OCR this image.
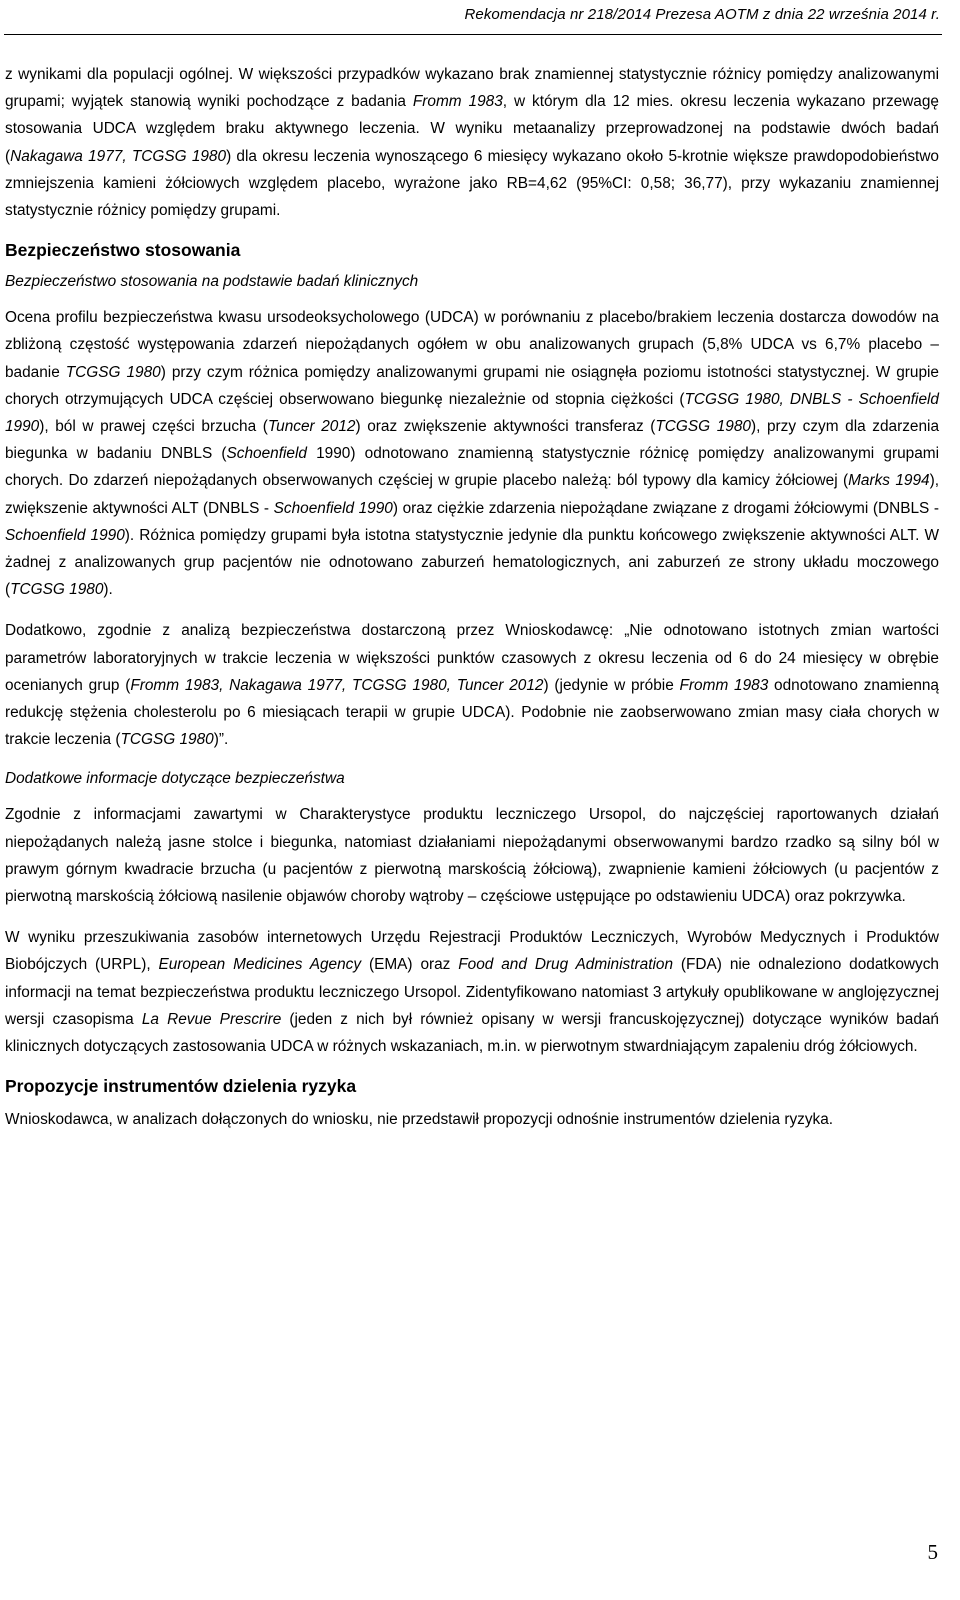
Rekomendacja nr 218/2014 Prezesa AOTM z dnia 22 września 2014 r.

z wynikami dla populacji ogólnej. W większości przypadków wykazano brak znamiennej statystycznie różnicy pomiędzy analizowanymi grupami; wyjątek stanowią wyniki pochodzące z badania Fromm 1983, w którym dla 12 mies. okresu leczenia wykazano przewagę stosowania UDCA względem braku aktywnego leczenia. W wyniku metaanalizy przeprowadzonej na podstawie dwóch badań (Nakagawa 1977, TCGSG 1980) dla okresu leczenia wynoszącego 6 miesięcy wykazano około 5-krotnie większe prawdopodobieństwo zmniejszenia kamieni żółciowych względem placebo, wyrażone jako RB=4,62 (95%CI: 0,58; 36,77), przy wykazaniu znamiennej statystycznie różnicy pomiędzy grupami.

Bezpieczeństwo stosowania
Bezpieczeństwo stosowania na podstawie badań klinicznych

Ocena profilu bezpieczeństwa kwasu ursodeoksycholowego (UDCA) w porównaniu z placebo/brakiem leczenia dostarcza dowodów na zbliżoną częstość występowania zdarzeń niepożądanych ogółem w obu analizowanych grupach (5,8% UDCA vs 6,7% placebo – badanie TCGSG 1980) przy czym różnica pomiędzy analizowanymi grupami nie osiągnęła poziomu istotności statystycznej. W grupie chorych otrzymujących UDCA częściej obserwowano biegunkę niezależnie od stopnia ciężkości (TCGSG 1980, DNBLS - Schoenfield 1990), ból w prawej części brzucha (Tuncer 2012) oraz zwiększenie aktywności transferaz (TCGSG 1980), przy czym dla zdarzenia biegunka w badaniu DNBLS (Schoenfield 1990) odnotowano znamienną statystycznie różnicę pomiędzy analizowanymi grupami chorych. Do zdarzeń niepożądanych obserwowanych częściej w grupie placebo należą: ból typowy dla kamicy żółciowej (Marks 1994), zwiększenie aktywności ALT (DNBLS - Schoenfield 1990) oraz ciężkie zdarzenia niepożądane związane z drogami żółciowymi (DNBLS - Schoenfield 1990). Różnica pomiędzy grupami była istotna statystycznie jedynie dla punktu końcowego zwiększenie aktywności ALT. W żadnej z analizowanych grup pacjentów nie odnotowano zaburzeń hematologicznych, ani zaburzeń ze strony układu moczowego (TCGSG 1980).

Dodatkowo, zgodnie z analizą bezpieczeństwa dostarczoną przez Wnioskodawcę: „Nie odnotowano istotnych zmian wartości parametrów laboratoryjnych w trakcie leczenia w większości punktów czasowych z okresu leczenia od 6 do 24 miesięcy w obrębie ocenianych grup (Fromm 1983, Nakagawa 1977, TCGSG 1980, Tuncer 2012) (jedynie w próbie Fromm 1983 odnotowano znamienną redukcję stężenia cholesterolu po 6 miesiącach terapii w grupie UDCA). Podobnie nie zaobserwowano zmian masy ciała chorych w trakcie leczenia (TCGSG 1980)”.

Dodatkowe informacje dotyczące bezpieczeństwa

Zgodnie z informacjami zawartymi w Charakterystyce produktu leczniczego Ursopol, do najczęściej raportowanych działań niepożądanych należą jasne stolce i biegunka, natomiast działaniami niepożądanymi obserwowanymi bardzo rzadko są silny ból w prawym górnym kwadracie brzucha (u pacjentów z pierwotną marskością żółciową), zwapnienie kamieni żółciowych (u pacjentów z pierwotną marskością żółciową nasilenie objawów choroby wątroby – częściowe ustępujące po odstawieniu UDCA) oraz pokrzywka.

W wyniku przeszukiwania zasobów internetowych Urzędu Rejestracji Produktów Leczniczych, Wyrobów Medycznych i Produktów Biobójczych (URPL), European Medicines Agency (EMA) oraz Food and Drug Administration (FDA) nie odnaleziono dodatkowych informacji na temat bezpieczeństwa produktu leczniczego Ursopol. Zidentyfikowano natomiast 3 artykuły opublikowane w anglojęzycznej wersji czasopisma La Revue Prescrire (jeden z nich był również opisany w wersji francuskojęzycznej) dotyczące wyników badań klinicznych dotyczących zastosowania UDCA w różnych wskazaniach, m.in. w pierwotnym stwardniającym zapaleniu dróg żółciowych.

Propozycje instrumentów dzielenia ryzyka

Wnioskodawca, w analizach dołączonych do wniosku, nie przedstawił propozycji odnośnie instrumentów dzielenia ryzyka.

5
